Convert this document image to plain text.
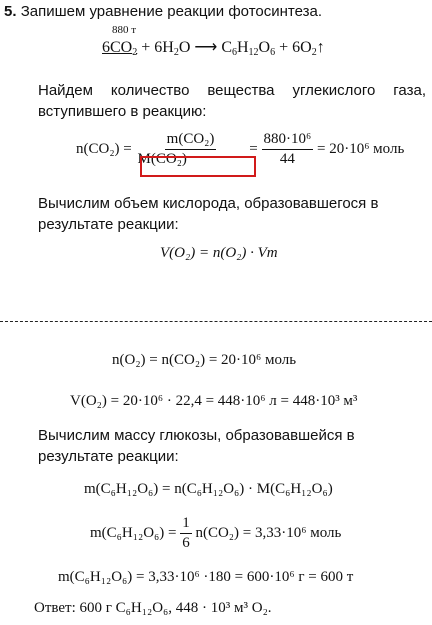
5. Запишем уравнение реакции фотосинтеза.
880 т
$6CO_2 + 6H_2O$ ⟶ $C_6H_{12}O_6$ + $6O_2↑$
Найдем количество вещества углекислого газа, вступившего в реакцию:
$n(CO_2) = \frac{\text{m(CO₂)}}{\text{M(CO₂)}} = \frac{\text{880·10⁶}}{44} = 20\cdot 10^6$ моль
Вычислим объем кислорода, образовавшегося в результате реакции:
V(O₂) = n(O₂) · Vm
n(O₂) = n(CO₂) = 20·10⁶ моль
V(O₂) = 20·10⁶ · 22,4 = 448·10⁶ л = 448·10³ м³
Вычислим массу глюкозы, образовавшейся в результате реакции:
m(C₆H₁₂O₆) = n(C₆H₁₂O₆) · M(C₆H₁₂O₆)
$m(C_6H_{12}O_6) = \frac{1}{6} n(CO_2) = 3,33\cdot 10^6$ моль
m(C₆H₁₂O₆) = 3,33·10⁶ ·180 = 600·10⁶ г = 600 т
Ответ: 600 г C₆H₁₂O₆, 448 · 10³ м³ O₂.
